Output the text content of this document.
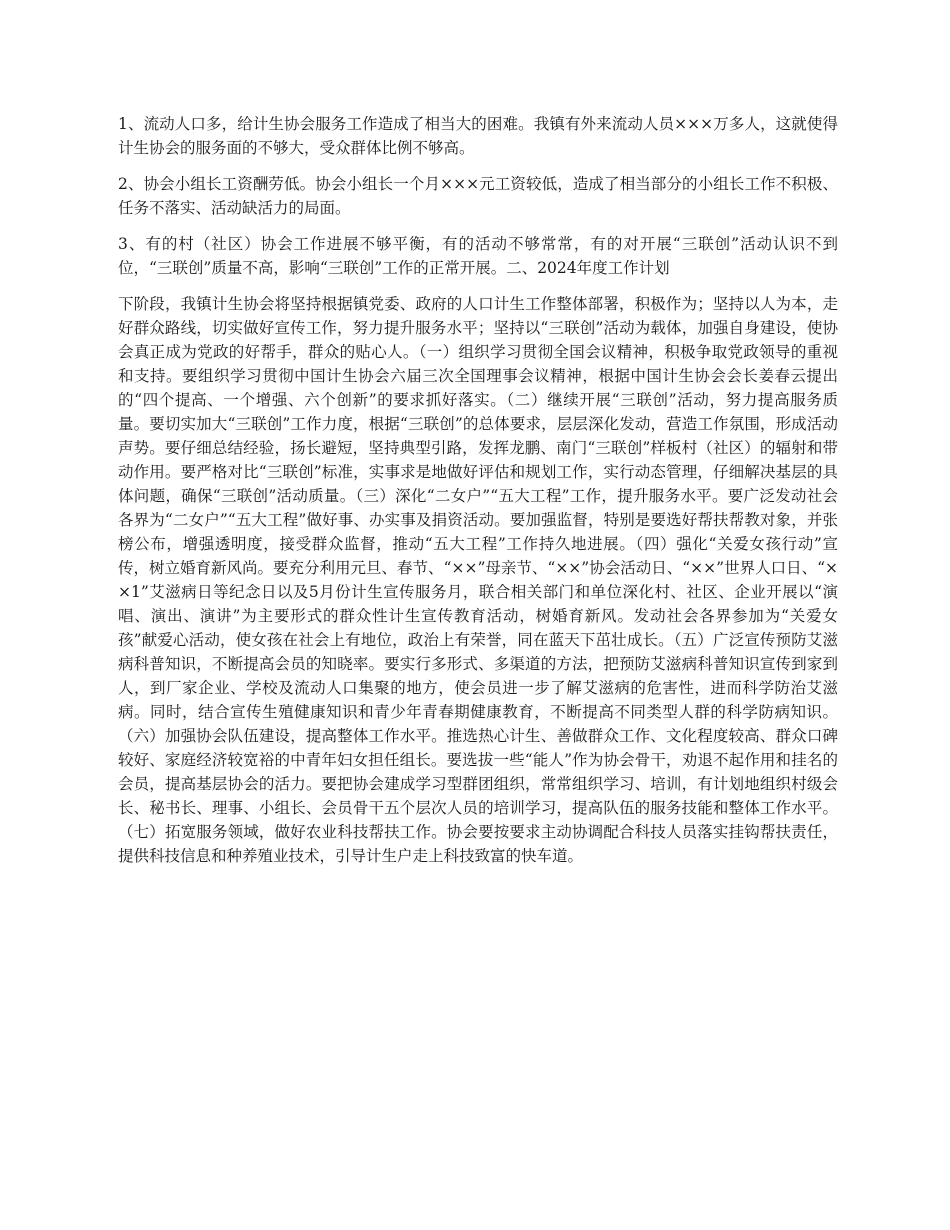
1、流动人口多，给计生协会服务工作造成了相当大的困难。我镇有外来流动人员×××万多人，这就使得计生协会的服务面的不够大，受众群体比例不够高。

2、协会小组长工资酬劳低。协会小组长一个月×××元工资较低，造成了相当部分的小组长工作不积极、任务不落实、活动缺活力的局面。

3、有的村（社区）协会工作进展不够平衡，有的活动不够常常，有的对开展“三联创”活动认识不到位，“三联创”质量不高，影响“三联创”工作的正常开展。二、2024年度工作计划

下阶段，我镇计生协会将坚持根据镇党委、政府的人口计生工作整体部署，积极作为；坚持以人为本，走好群众路线，切实做好宣传工作，努力提升服务水平；坚持以“三联创”活动为载体，加强自身建设，使协会真正成为党政的好帮手，群众的贴心人。（一）组织学习贯彻全国会议精神，积极争取党政领导的重视和支持。要组织学习贯彻中国计生协会六届三次全国理事会议精神，根据中国计生协会会长姜春云提出的“四个提高、一个增强、六个创新”的要求抓好落实。（二）继续开展“三联创”活动，努力提高服务质量。要切实加大“三联创”工作力度，根据“三联创”的总体要求，层层深化发动，营造工作氛围，形成活动声势。要仔细总结经验，扬长避短，坚持典型引路，发挥龙鹏、南门“三联创”样板村（社区）的辐射和带动作用。要严格对比“三联创”标准，实事求是地做好评估和规划工作，实行动态管理，仔细解决基层的具体问题，确保“三联创”活动质量。（三）深化“二女户”“五大工程”工作，提升服务水平。要广泛发动社会各界为“二女户”“五大工程”做好事、办实事及捐资活动。要加强监督，特别是要选好帮扶帮教对象，并张榜公布，增强透明度，接受群众监督，推动“五大工程”工作持久地进展。（四）强化“关爱女孩行动”宣传，树立婚育新风尚。要充分利用元旦、春节、“××”母亲节、“××”协会活动日、“××”世界人口日、“××1”艾滋病日等纪念日以及5月份计生宣传服务月，联合相关部门和单位深化村、社区、企业开展以“演唱、演出、演讲”为主要形式的群众性计生宣传教育活动，树婚育新风。发动社会各界参加为“关爱女孩”献爱心活动，使女孩在社会上有地位，政治上有荣誉，同在蓝天下茁壮成长。（五）广泛宣传预防艾滋病科普知识，不断提高会员的知晓率。要实行多形式、多渠道的方法，把预防艾滋病科普知识宣传到家到人，到厂家企业、学校及流动人口集聚的地方，使会员进一步了解艾滋病的危害性，进而科学防治艾滋病。同时，结合宣传生殖健康知识和青少年青春期健康教育，不断提高不同类型人群的科学防病知识。（六）加强协会队伍建设，提高整体工作水平。推选热心计生、善做群众工作、文化程度较高、群众口碑较好、家庭经济较宽裕的中青年妇女担任组长。要选拔一些“能人”作为协会骨干，劝退不起作用和挂名的会员，提高基层协会的活力。要把协会建成学习型群团组织，常常组织学习、培训，有计划地组织村级会长、秘书长、理事、小组长、会员骨干五个层次人员的培训学习，提高队伍的服务技能和整体工作水平。（七）拓宽服务领域，做好农业科技帮扶工作。协会要按要求主动协调配合科技人员落实挂钩帮扶责任，提供科技信息和种养殖业技术，引导计生户走上科技致富的快车道。
